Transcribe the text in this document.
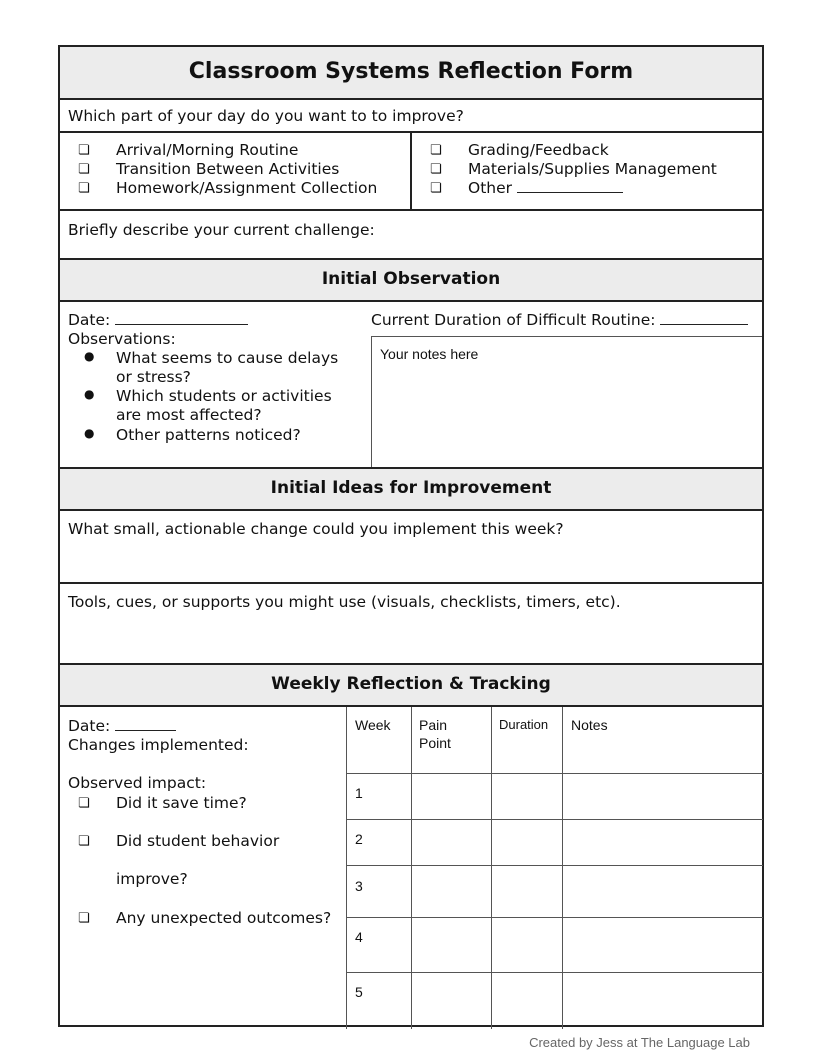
Classroom Systems Reflection Form
Which part of your day do you want to to improve?
❏ Arrival/Morning Routine
❏ Transition Between Activities
❏ Homework/Assignment Collection
❏ Grading/Feedback
❏ Materials/Supplies Management
❏ Other
Briefly describe your current challenge:
Initial Observation
Date:
Observations:
● What seems to cause delays
or stress?
● Which students or activities
are most affected?
● Other patterns noticed?
Current Duration of Difficult Routine:
Your notes here
Initial Ideas for Improvement
What small, actionable change could you implement this week?
Tools, cues, or supports you might use (visuals, checklists, timers, etc).
Weekly Reflection & Tracking
Date:
Changes implemented:
Observed impact:
❏ Did it save time?
❏ Did student behavior
improve?
❏ Any unexpected outcomes?
Week Pain
Point
Duration Notes
1
2
3
4
5
Created by Jess at The Language Lab
